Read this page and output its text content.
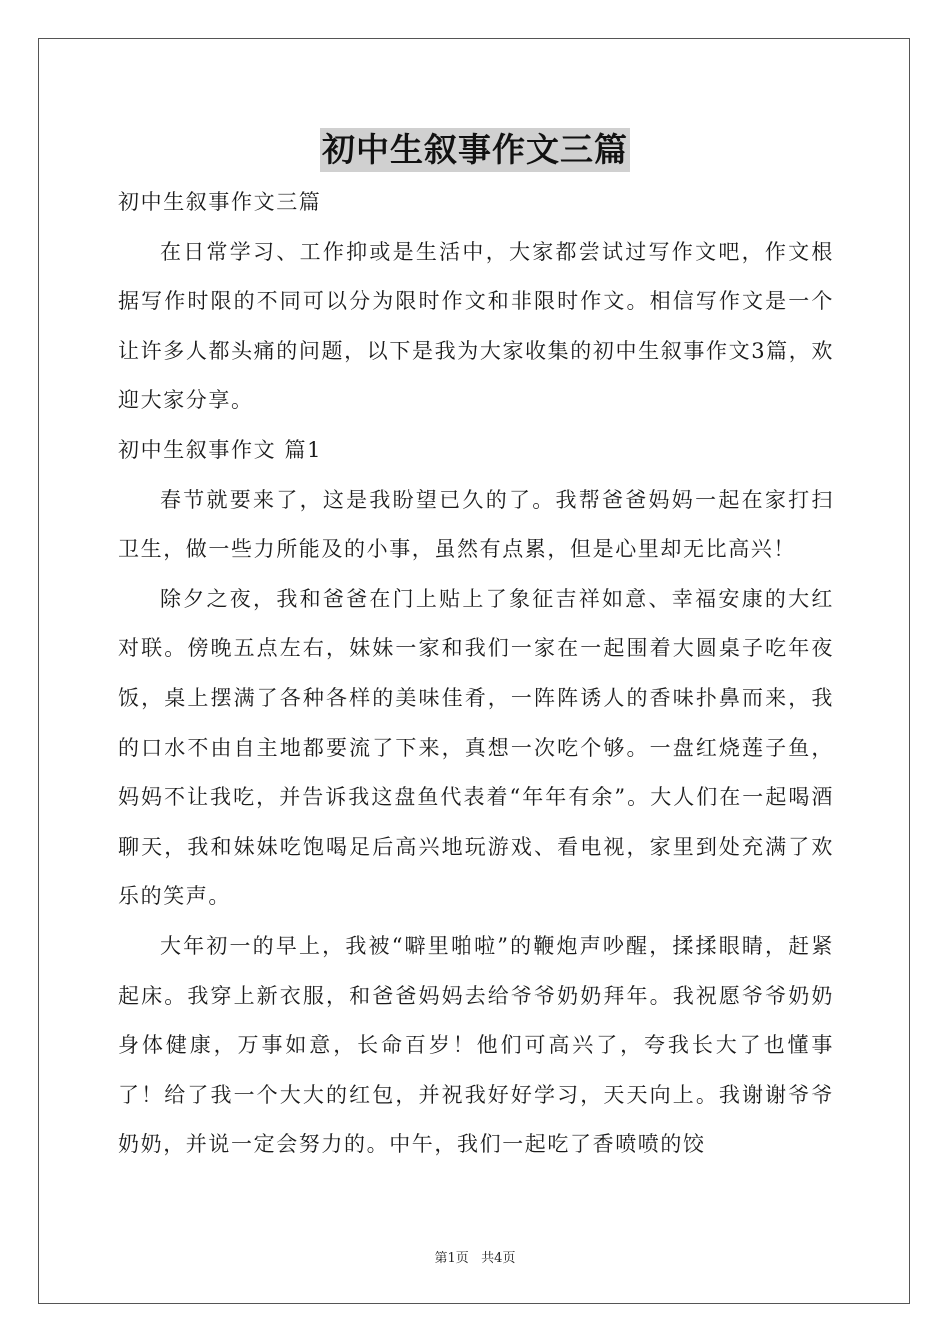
初中生叙事作文三篇

初中生叙事作文三篇

在日常学习、工作抑或是生活中，大家都尝试过写作文吧，作文根据写作时限的不同可以分为限时作文和非限时作文。相信写作文是一个让许多人都头痛的问题，以下是我为大家收集的初中生叙事作文3篇，欢迎大家分享。

初中生叙事作文 篇1

春节就要来了，这是我盼望已久的了。我帮爸爸妈妈一起在家打扫卫生，做一些力所能及的小事，虽然有点累，但是心里却无比高兴！

除夕之夜，我和爸爸在门上贴上了象征吉祥如意、幸福安康的大红对联。傍晚五点左右，妹妹一家和我们一家在一起围着大圆桌子吃年夜饭，桌上摆满了各种各样的美味佳肴，一阵阵诱人的香味扑鼻而来，我的口水不由自主地都要流了下来，真想一次吃个够。一盘红烧莲子鱼，妈妈不让我吃，并告诉我这盘鱼代表着“年年有余”。大人们在一起喝酒聊天，我和妹妹吃饱喝足后高兴地玩游戏、看电视，家里到处充满了欢乐的笑声。

大年初一的早上，我被“噼里啪啦”的鞭炮声吵醒，揉揉眼睛，赶紧起床。我穿上新衣服，和爸爸妈妈去给爷爷奶奶拜年。我祝愿爷爷奶奶身体健康，万事如意，长命百岁！他们可高兴了，夸我长大了也懂事了！给了我一个大大的红包，并祝我好好学习，天天向上。我谢谢爷爷奶奶，并说一定会努力的。中午，我们一起吃了香喷喷的饺

第1页   共4页
